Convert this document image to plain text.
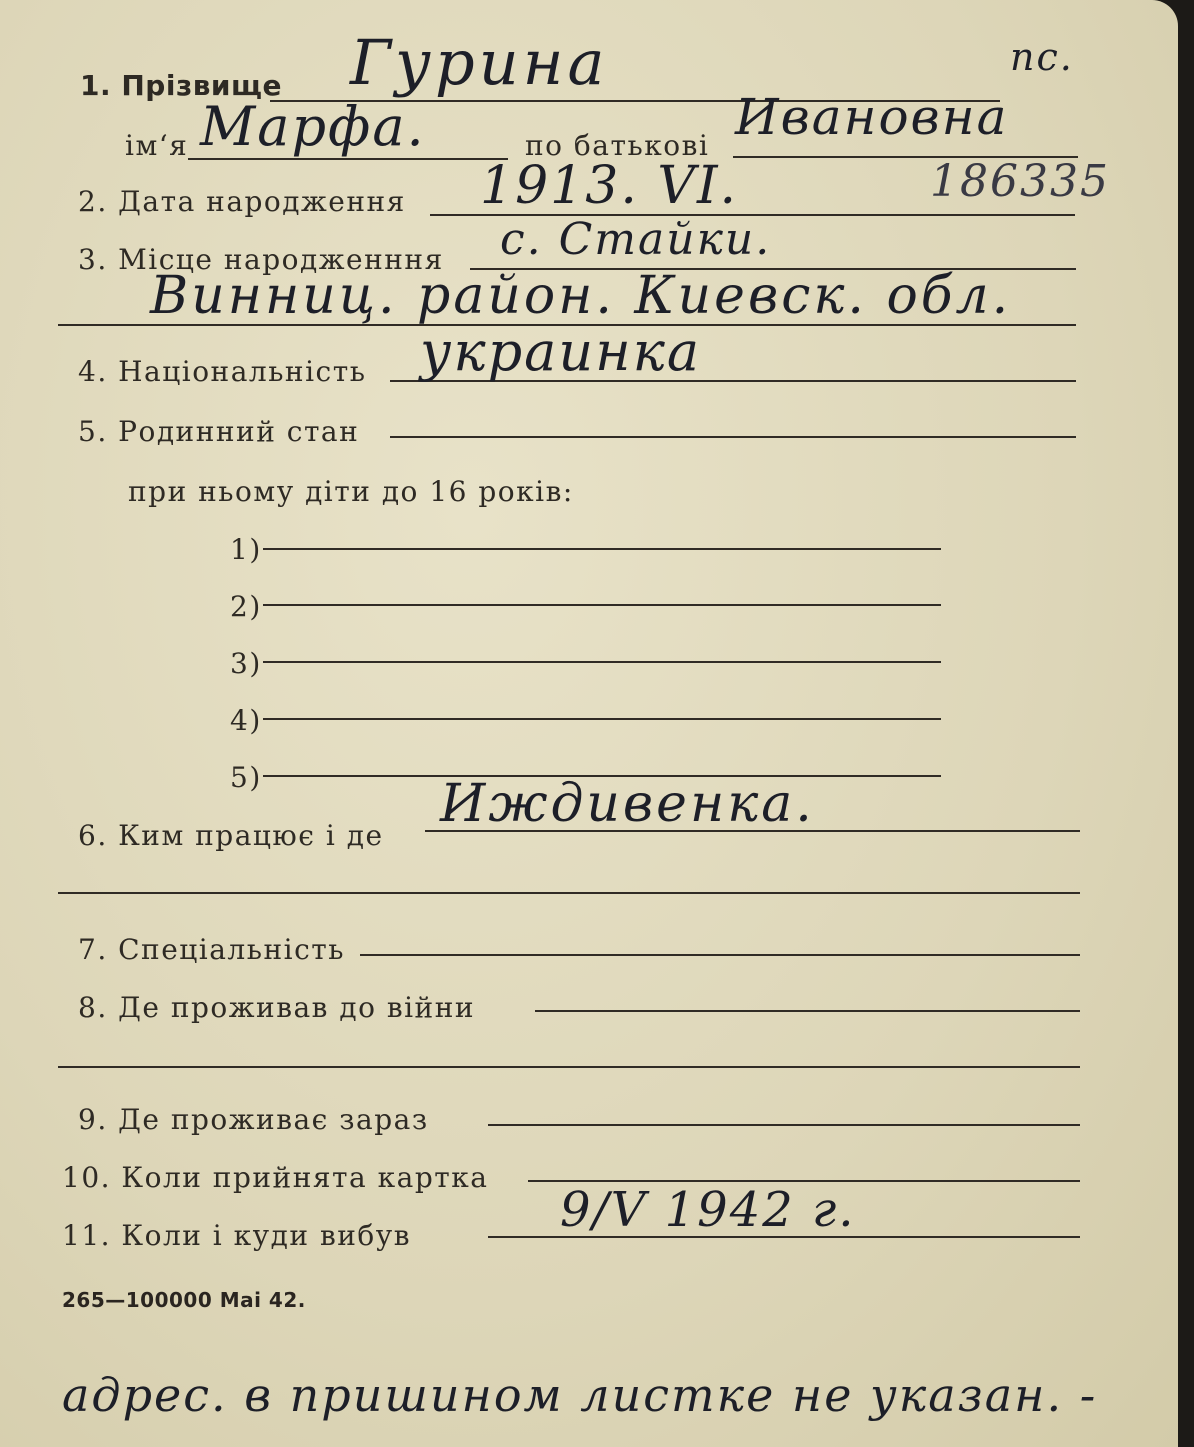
1. Прізвище Гурина	пс.
ім‘я Марфа.	по батькові Ивановна
2. Дата народження 1913. VI.	186335
3. Місце народженння с. Стайки.
Винниц. район. Киевск. обл.
4. Національність украинка
5. Родинний стан
при ньому діти до 16 років:
1)
2)
3)
4)
5)
6. Ким працює і де
Иждивенка.
7. Спеціальність
8. Де проживав до війни
9. Де проживає зараз
10. Коли прийнята картка
11. Коли і куди вибув	9/V 1942 г.
265—100000 Mai 42.
адрес. в пришином листке не указан. -
